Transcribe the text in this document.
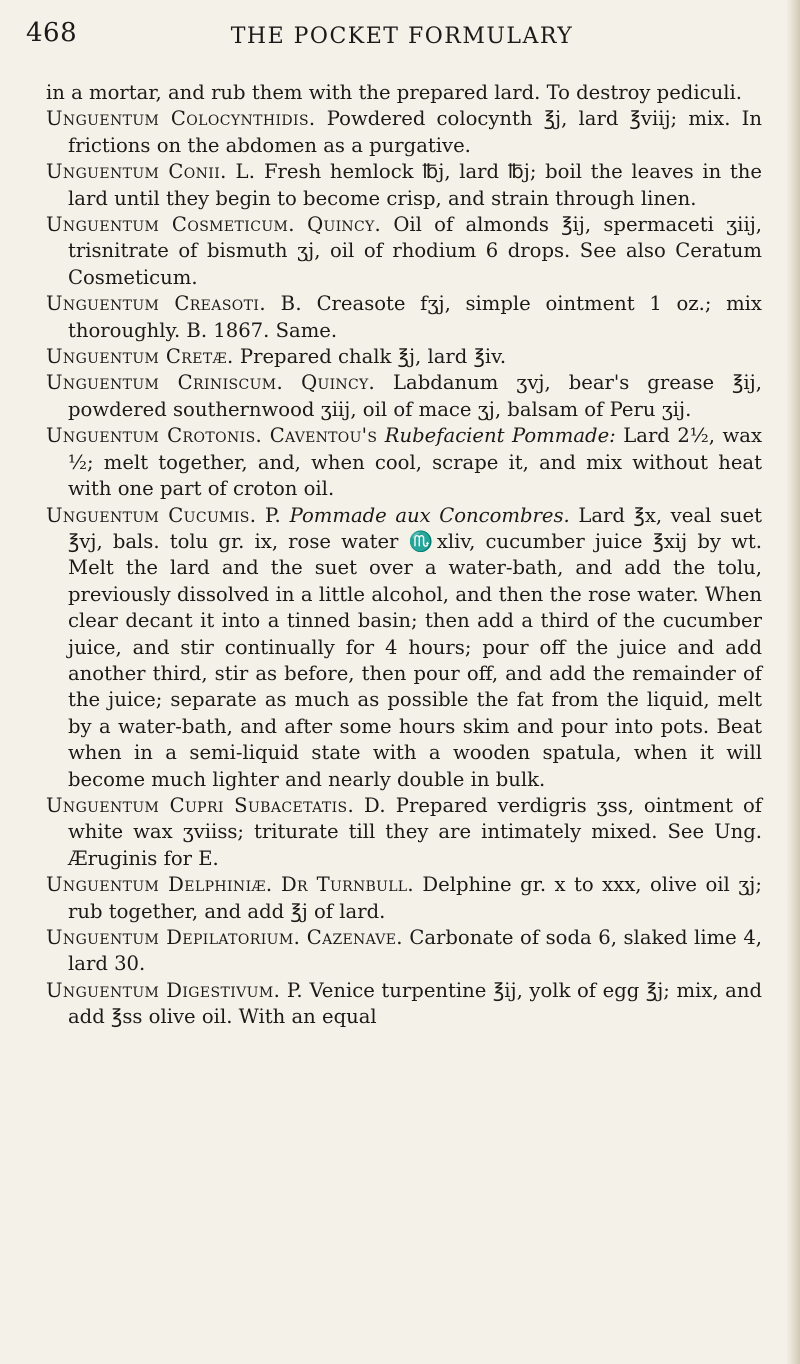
468	THE POCKET FORMULARY

in a mortar, and rub them with the prepared lard. To destroy pediculi.

Unguentum Colocynthidis. Powdered colocynth ℥j, lard ℥viij; mix. In frictions on the abdomen as a purgative.

Unguentum Conii. L. Fresh hemlock ℔j, lard ℔j; boil the leaves in the lard until they begin to become crisp, and strain through linen.

Unguentum Cosmeticum. Quincy. Oil of almonds ℥ij, spermaceti ʒiij, trisnitrate of bismuth ʒj, oil of rhodium 6 drops. See also Ceratum Cosmeticum.

Unguentum Creasoti. B. Creasote fʒj, simple ointment 1 oz.; mix thoroughly. B. 1867. Same.

Unguentum Cretæ. Prepared chalk ℥j, lard ℥iv.

Unguentum Criniscum. Quincy. Labdanum ʒvj, bear's grease ℥ij, powdered southernwood ʒiij, oil of mace ʒj, balsam of Peru ʒij.

Unguentum Crotonis. Caventou's Rubefacient Pommade: Lard 2½, wax ½; melt together, and, when cool, scrape it, and mix without heat with one part of croton oil.

Unguentum Cucumis. P. Pommade aux Concombres. Lard ℥x, veal suet ℥vj, bals. tolu gr. ix, rose water ♏xliv, cucumber juice ℥xij by wt. Melt the lard and the suet over a water-bath, and add the tolu, previously dissolved in a little alcohol, and then the rose water. When clear decant it into a tinned basin; then add a third of the cucumber juice, and stir continually for 4 hours; pour off the juice and add another third, stir as before, then pour off, and add the remainder of the juice; separate as much as possible the fat from the liquid, melt by a water-bath, and after some hours skim and pour into pots. Beat when in a semi-liquid state with a wooden spatula, when it will become much lighter and nearly double in bulk.

Unguentum Cupri Subacetatis. D. Prepared verdigris ʒss, ointment of white wax ʒviiss; triturate till they are intimately mixed. See Ung. Æruginis for E.

Unguentum Delphiniæ. Dr Turnbull. Delphine gr. x to xxx, olive oil ʒj; rub together, and add ℥j of lard.

Unguentum Depilatorium. Cazenave. Carbonate of soda 6, slaked lime 4, lard 30.

Unguentum Digestivum. P. Venice turpentine ℥ij, yolk of egg ℥j; mix, and add ℥ss olive oil. With an equal
